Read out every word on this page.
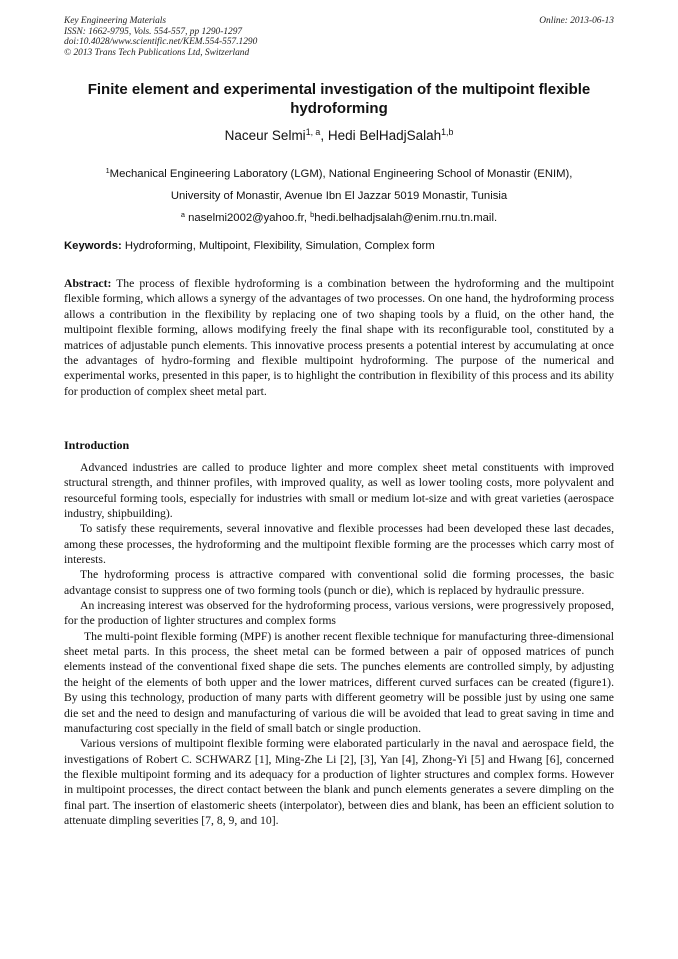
Key Engineering Materials
ISSN: 1662-9795, Vols. 554-557, pp 1290-1297
doi:10.4028/www.scientific.net/KEM.554-557.1290
© 2013 Trans Tech Publications Ltd, Switzerland
Online: 2013-06-13
Finite element and experimental investigation of the multipoint flexible hydroforming
Naceur Selmi$^{1, a}$, Hedi BelHadjSalah$^{1,b}$
$^1$Mechanical Engineering Laboratory (LGM), National Engineering School of Monastir (ENIM),
University of Monastir, Avenue Ibn El Jazzar 5019 Monastir, Tunisia
$^a$ naselmi2002@yahoo.fr, $^b$hedi.belhadjsalah@enim.rnu.tn.mail.
Keywords: Hydroforming, Multipoint, Flexibility, Simulation, Complex form
Abstract: The process of flexible hydroforming is a combination between the hydroforming and the multipoint flexible forming, which allows a synergy of the advantages of two processes. On one hand, the hydroforming process allows a contribution in the flexibility by replacing one of two shaping tools by a fluid, on the other hand, the multipoint flexible forming, allows modifying freely the final shape with its reconfigurable tool, constituted by a matrices of adjustable punch elements. This innovative process presents a potential interest by accumulating at once the advantages of hydro-forming and flexible multipoint hydroforming. The purpose of the numerical and experimental works, presented in this paper, is to highlight the contribution in flexibility of this process and its ability for production of complex sheet metal part.
Introduction

Advanced industries are called to produce lighter and more complex sheet metal constituents with improved structural strength, and thinner profiles, with improved quality, as well as lower tooling costs, more polyvalent and resourceful forming tools, especially for industries with small or medium lot-size and with great varieties (aerospace industry, shipbuilding).

To satisfy these requirements, several innovative and flexible processes had been developed these last decades, among these processes, the hydroforming and the multipoint flexible forming are the processes which carry most of interests.

The hydroforming process is attractive compared with conventional solid die forming processes, the basic advantage consist to suppress one of two forming tools (punch or die), which is replaced by hydraulic pressure.

An increasing interest was observed for the hydroforming process, various versions, were progressively proposed, for the production of lighter structures and complex forms

The multi-point flexible forming (MPF) is another recent flexible technique for manufacturing three-dimensional sheet metal parts. In this process, the sheet metal can be formed between a pair of opposed matrices of punch elements instead of the conventional fixed shape die sets. The punches elements are controlled simply, by adjusting the height of the elements of both upper and the lower matrices, different curved surfaces can be created (figure1). By using this technology, production of many parts with different geometry will be possible just by using one same die set and the need to design and manufacturing of various die will be avoided that lead to great saving in time and manufacturing cost specially in the field of small batch or single production.

Various versions of multipoint flexible forming were elaborated particularly in the naval and aerospace field, the investigations of Robert C. SCHWARZ [1], Ming-Zhe Li [2], [3], Yan [4], Zhong-Yi [5] and Hwang [6], concerned the flexible multipoint forming and its adequacy for a production of lighter structures and complex forms. However in multipoint processes, the direct contact between the blank and punch elements generates a severe dimpling on the final part. The insertion of elastomeric sheets (interpolator), between dies and blank, has been an efficient solution to attenuate dimpling severities [7, 8, 9, and 10].
